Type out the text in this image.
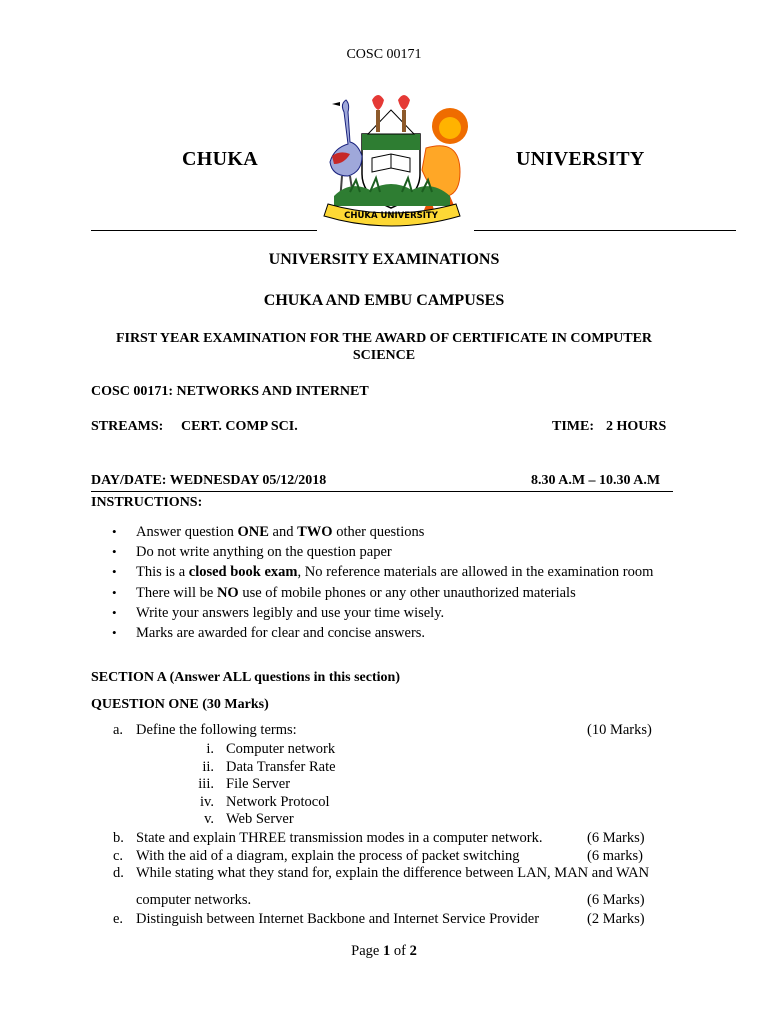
COSC 00171
CHUKA	UNIVERSITY
CHUKA UNIVERSITY
UNIVERSITY EXAMINATIONS
CHUKA AND EMBU CAMPUSES
FIRST YEAR EXAMINATION FOR THE AWARD OF CERTIFICATE IN COMPUTER
SCIENCE
COSC 00171: NETWORKS AND INTERNET
STREAMS: CERT. COMP SCI.	TIME: 2 HOURS
DAY/DATE: WEDNESDAY 05/12/2018	8.30 A.M – 10.30 A.M
INSTRUCTIONS:
• Answer question ONE and TWO other questions
• Do not write anything on the question paper
• This is a closed book exam, No reference materials are allowed in the examination room
• There will be NO use of mobile phones or any other unauthorized materials
• Write your answers legibly and use your time wisely.
• Marks are awarded for clear and concise answers.
SECTION A (Answer ALL questions in this section)
QUESTION ONE (30 Marks)
a. Define the following terms:	(10 Marks)
i. Computer network
ii. Data Transfer Rate
iii. File Server
iv. Network Protocol
v. Web Server
b. State and explain THREE transmission modes in a computer network.	(6 Marks)
c. With the aid of a diagram, explain the process of packet switching	(6 marks)
d. While stating what they stand for, explain the difference between LAN, MAN and WAN
computer networks.	(6 Marks)
e. Distinguish between Internet Backbone and Internet Service Provider	(2 Marks)
Page 1 of 2
